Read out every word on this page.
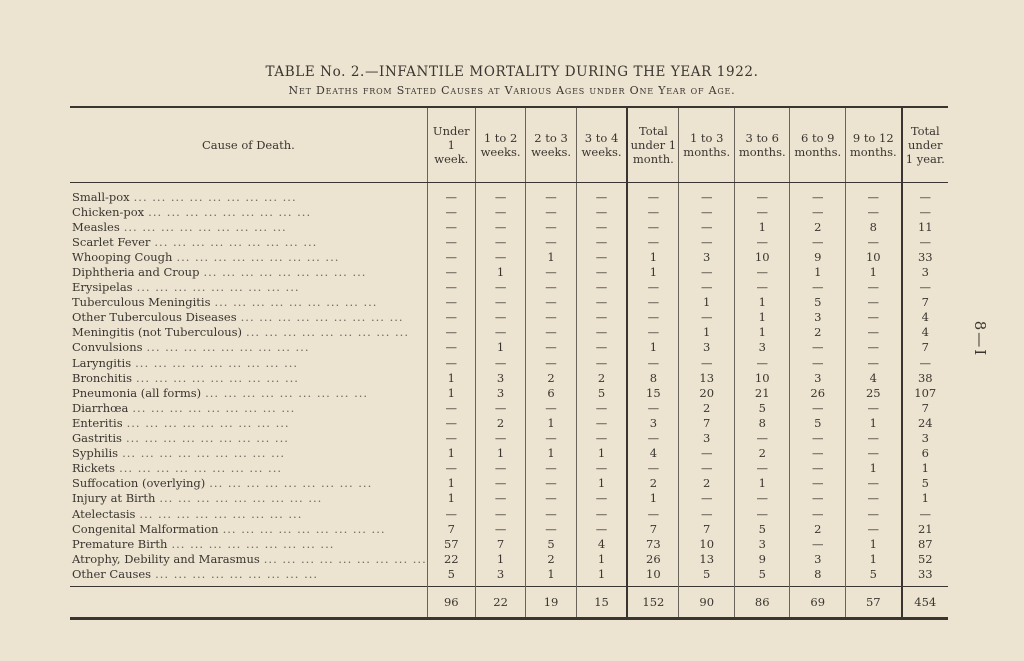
TABLE No. 2.—INFANTILE MORTALITY DURING THE YEAR 1922.
Net Deaths from Stated Causes at Various Ages under One Year of Age.
Cause of Death.	Under 1 week.	1 to 2 weeks.	2 to 3 weeks.	3 to 4 weeks.	Total under 1 month.	1 to 3 months.	3 to 6 months.	6 to 9 months.	9 to 12 months.	Total under 1 year.
Small-pox ... ... ... ... ... ... ... ... ...	—	—	—	—	—	—	—	—	—	—
Chicken-pox ... ... ... ... ... ... ... ... ...	—	—	—	—	—	—	—	—	—	—
Measles ... ... ... ... ... ... ... ... ...	—	—	—	—	—	—	1	2	8	11
Scarlet Fever ... ... ... ... ... ... ... ... ...	—	—	—	—	—	—	—	—	—	—
Whooping Cough ... ... ... ... ... ... ... ... ...	—	—	1	—	1	3	10	9	10	33
Diphtheria and Croup ... ... ... ... ... ... ... ... ...	—	1	—	—	1	—	—	1	1	3
Erysipelas ... ... ... ... ... ... ... ... ...	—	—	—	—	—	—	—	—	—	—
Tuberculous Meningitis ... ... ... ... ... ... ... ... ...	—	—	—	—	—	1	1	5	—	7
Other Tuberculous Diseases ... ... ... ... ... ... ... ... ...	—	—	—	—	—	—	1	3	—	4
Meningitis (not Tuberculous) ... ... ... ... ... ... ... ... ...	—	—	—	—	—	1	1	2	—	4
Convulsions ... ... ... ... ... ... ... ... ...	—	1	—	—	1	3	3	—	—	7
Laryngitis ... ... ... ... ... ... ... ... ...	—	—	—	—	—	—	—	—	—	—
Bronchitis ... ... ... ... ... ... ... ... ...	1	3	2	2	8	13	10	3	4	38
Pneumonia (all forms) ... ... ... ... ... ... ... ... ...	1	3	6	5	15	20	21	26	25	107
Diarrhœa ... ... ... ... ... ... ... ... ...	—	—	—	—	—	2	5	—	—	7
Enteritis ... ... ... ... ... ... ... ... ...	—	2	1	—	3	7	8	5	1	24
Gastritis ... ... ... ... ... ... ... ... ...	—	—	—	—	—	3	—	—	—	3
Syphilis ... ... ... ... ... ... ... ... ...	1	1	1	1	4	—	2	—	—	6
Rickets ... ... ... ... ... ... ... ... ...	—	—	—	—	—	—	—	—	1	1
Suffocation (overlying) ... ... ... ... ... ... ... ... ...	1	—	—	1	2	2	1	—	—	5
Injury at Birth ... ... ... ... ... ... ... ... ...	1	—	—	—	1	—	—	—	—	1
Atelectasis ... ... ... ... ... ... ... ... ...	—	—	—	—	—	—	—	—	—	—
Congenital Malformation ... ... ... ... ... ... ... ... ...	7	—	—	—	7	7	5	2	—	21
Premature Birth ... ... ... ... ... ... ... ... ...	57	7	5	4	73	10	3	—	1	87
Atrophy, Debility and Marasmus ... ... ... ... ... ... ... ... ...	22	1	2	1	26	13	9	3	1	52
Other Causes ... ... ... ... ... ... ... ... ...	5	3	1	1	10	5	5	8	5	33
	96	22	19	15	152	90	86	69	57	454
8—I
